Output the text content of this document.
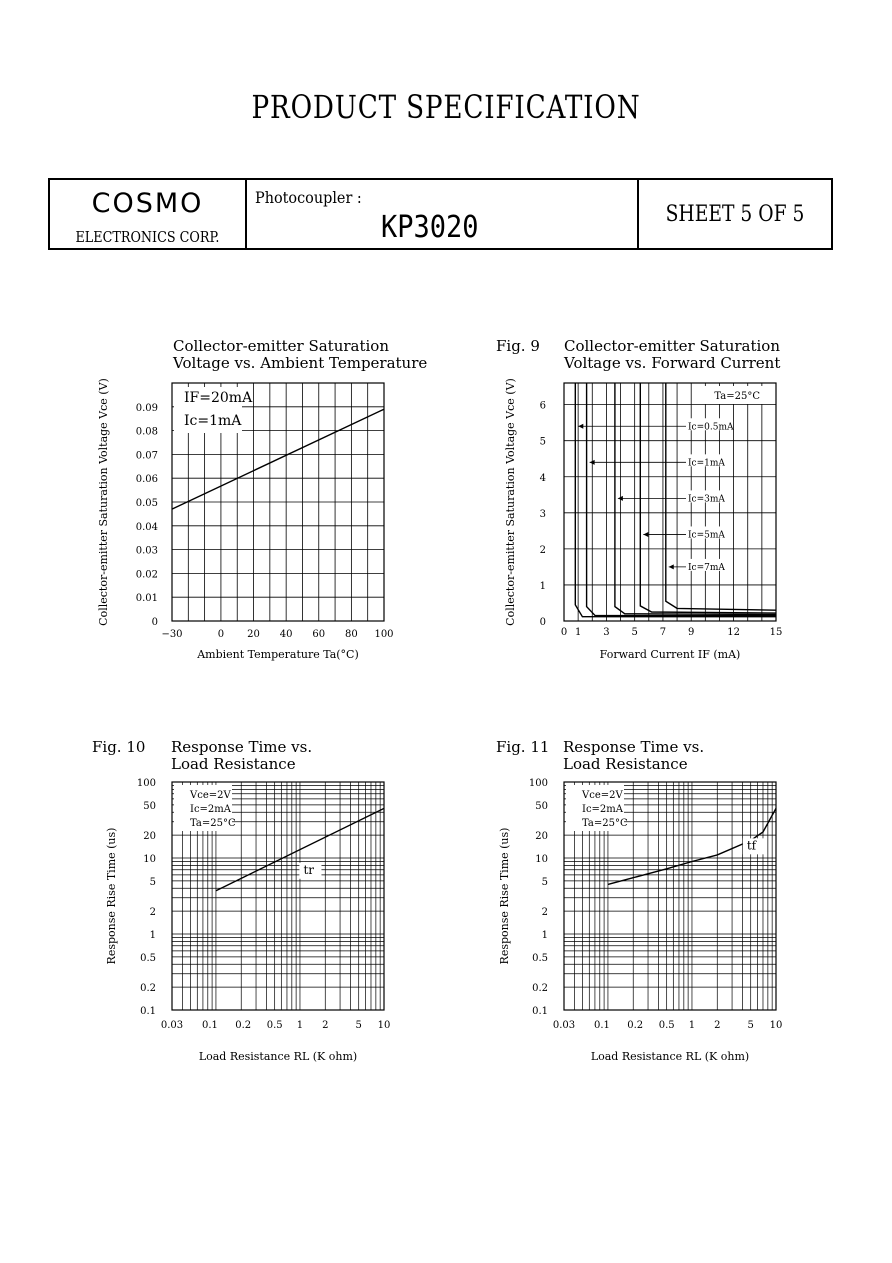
PRODUCT SPECIFICATION
COSMO
ELECTRONICS CORP.
Photocoupler :
KP3020	SHEET 5 OF 5
Collector-emitter Saturation
Voltage vs. Ambient Temperature
Ambient Temperature Ta(°C)
Collector-emitter Saturation Voltage Vce (V)
−30	0 20 40 60 80 100
0
0.01
0.02
0.03
0.04
0.05
0.06
0.07
0.08
0.09
IF=20mA
Ic=1mA
Fig. 9 Collector-emitter Saturation
Voltage vs. Forward Current
Forward Current IF (mA)
Collector-emitter Saturation Voltage Vce (V)
0 1 3 5 7 9	12	15
0
1
2
3
4
5
6
Ta=25°C
Ic=0.5mA
Ic=1mA
Ic=3mA
Ic=5mA
Ic=7mA
Fig. 10 Response Time vs.
Load Resistance
Load Resistance RL (K ohm)
Response Rise Time (us)
0.03 0.1 0.2 0.5 1 2	5 10
0.1
0.2
0.5
1
2
5
10
20
50
100
Vce=2V
Ic=2mA
Ta=25°C
tr
Fig. 11 Response Time vs.
Load Resistance
Load Resistance RL (K ohm)
Response Rise Time (us)
0.03 0.1 0.2 0.5 1 2	5 10
0.1
0.2
0.5
1
2
5
10
20
50
100
Vce=2V
Ic=2mA
Ta=25°C
tf
